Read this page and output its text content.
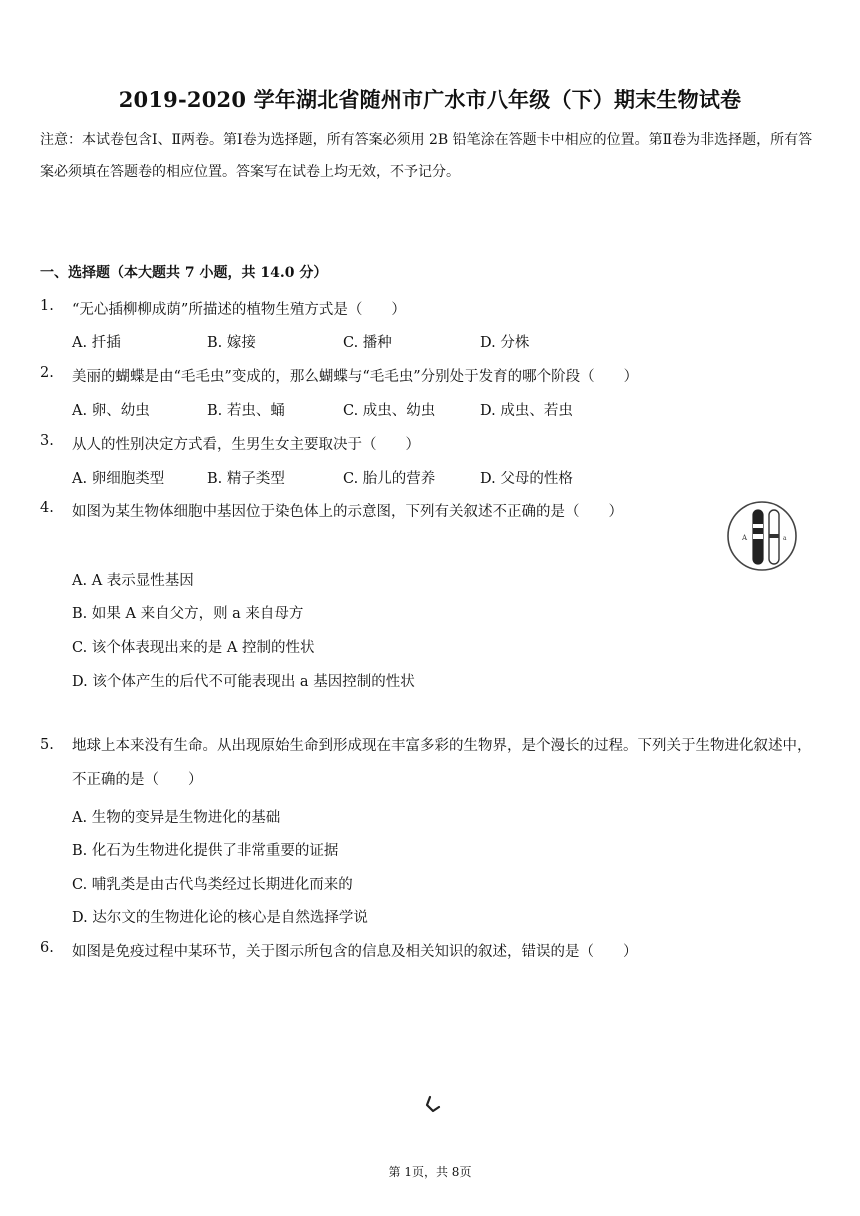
2019-2020 学年湖北省随州市广水市八年级（下）期末生物试卷
注意：本试卷包含Ⅰ、Ⅱ两卷。第Ⅰ卷为选择题，所有答案必须用 2B 铅笔涂在答题卡中相应的位置。第Ⅱ卷为非选择题，所有答案必须填在答题卷的相应位置。答案写在试卷上均无效，不予记分。
一、选择题（本大题共 7 小题，共 14.0 分）
1. “无心插柳柳成荫”所描述的植物生殖方式是（　　）
A. 扦插	B. 嫁接	C. 播种	D. 分株
2. 美丽的蝴蝶是由“毛毛虫”变成的，那么蝴蝶与“毛毛虫”分别处于发育的哪个阶段（　　）
A. 卵、幼虫	B. 若虫、蛹	C. 成虫、幼虫	D. 成虫、若虫
3. 从人的性别决定方式看，生男生女主要取决于（　　）
A. 卵细胞类型	B. 精子类型	C. 胎儿的营养	D. 父母的性格
4. 如图为某生物体细胞中基因位于染色体上的示意图，下列有关叙述不正确的是（　　）
A	a
A. A 表示显性基因
B. 如果 A 来自父方，则 a 来自母方
C. 该个体表现出来的是 A 控制的性状
D. 该个体产生的后代不可能表现出 a 基因控制的性状
5. 地球上本来没有生命。从出现原始生命到形成现在丰富多彩的生物界，是个漫长的过程。下列关于生物进化叙述中，不正确的是（　　）
A. 生物的变异是生物进化的基础
B. 化石为生物进化提供了非常重要的证据
C. 哺乳类是由古代鸟类经过长期进化而来的
D. 达尔文的生物进化论的核心是自然选择学说
6. 如图是免疫过程中某环节，关于图示所包含的信息及相关知识的叙述，错误的是（　　）
第 1页，共 8页
